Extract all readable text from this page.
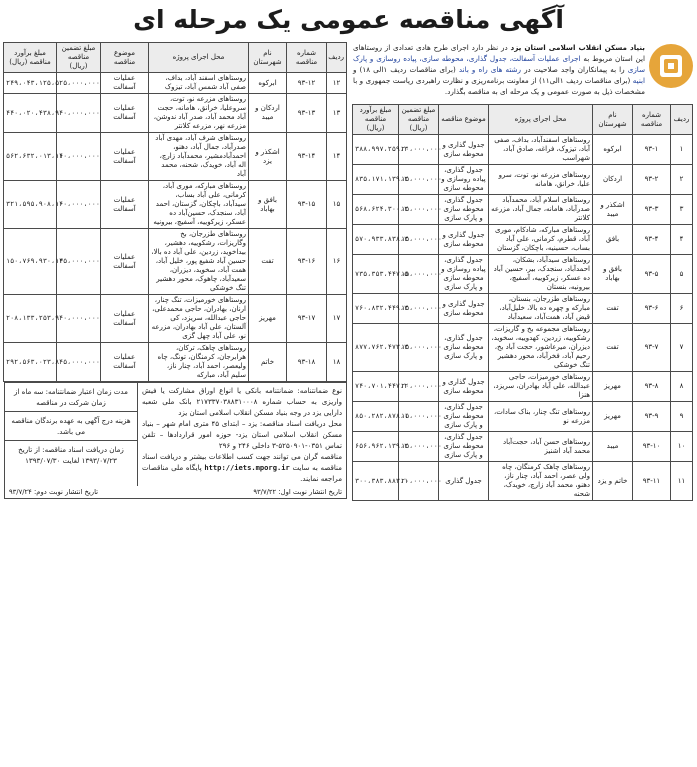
آگهی مناقصه عمومی یک مرحله ای
بنیاد مسکن انقلاب اسلامی استان یزد در نظر دارد اجرای طرح هادی تعدادی از روستاهای این استان مربوط به اجرای عملیات آسفالت، جدول گذاری، محوطه سازی، پیاده روسازی و پارک سازی را به پیمانکاران واجد صلاحیت در رشته های راه و باند (برای مناقصات ردیف ۱الی ۱۸) و ابنیه (برای مناقصات ردیف ۱الی۱۱) از معاونت برنامه‌ریزی و نظارت راهبردی ریاست جمهوری و با مشخصات ذیل به صورت عمومی و یک مرحله ای به مناقصه بگذارد.
ردیف	شماره مناقصه	نام شهرستان	محل اجرای پروژه	موضوع مناقصه	مبلغ تضمین مناقصه (ریال)	مبلغ برآورد مناقصه (ریال)
۱	۹۳-۱	ابرکوه	روستاهای اسفندآباد، بداف، صفی آباد، تیزوک، فراغه، صادق آباد، شهراسب	جدول گذاری و محوطه سازی	۲۰،۰۰۰،۰۰۰	۳۸۸،۹۹۷،۲۵۹،۳
۲	۹۳-۲	اردکان	روستاهای مزرعه نو، توت، سرو علیا، خرانق، هامانه	جدول گذاری، پیاده روسازی و محوطه سازی	۱۵،۰۰۰،۰۰۰	۸۳۵،۱۷۱،۱۳۹،۲
۳	۹۳-۳	اشکذر و میبد	روستاهای اسلام آباد، محمدآباد صدرآباد، هامانه، جمال آباد، مزرعه کلانتر	جدول گذاری، محوطه سازی و پارک سازی	۱۵،۰۰۰،۰۰۰	۵۶۸،۶۲۴،۳۰۰،۲
۴	۹۳-۴	بافق	روستاهای مبارکه، شادکام، موری آباد، قطرم، کرمانی، علی آباد بساب، حسینیه، باچکان، گزستان	جدول گذاری و محوطه سازی	۱۵،۰۰۰،۰۰۰	۵۷۰،۹۳۳،۸۳۸،۳
۵	۹۳-۵	بافق و بهاباد	روستاهای سیدآباد، بشکان، احمدآباد، سنجدک، بیر، حسین آباد ده عسکر، زیرکوییه، آسفیچ، بیرونیه، بنستان	جدول گذاری، پیاده روسازی و محوطه سازی و پارک سازی	۱۵،۰۰۰،۰۰۰	۷۳۵،۳۵۳،۴۴۷،۵
۶	۹۳-۶	تفت	روستاهای طزرجان، بنستان، مبارکه و چهره ده بالا، خلیل‌آباد، قیض آباد، همت‌آباد، سعیدآباد	جدول گذاری و محوطه سازی	۱۵،۰۰۰،۰۰۰	۷۶۰،۸۳۲،۴۴۹،۳
۷	۹۳-۷	تفت	روستاهای مجموعه بخ و گاریزات، رشکوییه، زردین، کهدوییه، سخوید، دیزران، میرعاشور، حجت آباد بخ، رحیم آباد، فخرآباد، محور دهشیر تنگ خوشکی	جدول گذاری، محوطه سازی و پارک سازی	۱۵،۰۰۰،۰۰۰	۸۷۷،۷۶۲،۴۷۳،۳
۸	۹۳-۸	مهریز	روستاهای خورمیزات، حاجی عبدالله، علی آباد بهادران، سریزد، هنزا	جدول گذاری و محوطه سازی	۲۰،۰۰۰،۰۰۰	۷۴۰،۷۰۱،۴۴۷،۲
۹	۹۳-۹	مهریز	روستاهای تنگ چنار، بناک سادات، مزرعه نو	جدول گذاری، محوطه سازی و پارک سازی	۱۵،۰۰۰،۰۰۰	۸۵۰،۲۸۲،۸۷۸،۱
۱۰	۹۳-۱۰	میبد	روستاهای حسن آباد، حجت‌آباد محمد آباد اشنیز	جدول گذاری، محوطه سازی و پارک سازی	۱۵،۰۰۰،۰۰۰	۶۵۶،۹۶۲،۱۳۹،۲
۱۱	۹۳-۱۱	خاتم و یزد	روستاهای چاهک کرمنگان، چاه ولی عصر، احمد آباد، چنار ناز، دهنو، محمد آباد زارچ، خویدک، شحنه	جدول گذاری	۲۰،۰۰۰،۰۰۰	۳۰۰،۳۸۳،۸۸۳،۱
ردیف	شماره مناقصه	نام شهرستان	محل اجرای پروژه	موضوع مناقصه	مبلغ تضمین مناقصه (ریال)	مبلغ برآورد مناقصه (ریال)
۱۲	۹۳-۱۲	ابرکوه	روستاهای اسفند آباد، بداف، صفی آباد شمس آباد، تیزوک	عملیات آسفالت	۲۵،۰۰۰،۰۰۰	۲۴۹،۰۴۳،۱۲۵،۵
۱۳	۹۳-۱۳	اردکان و میبد	روستاهای مزرعه نو، توت، سروعلیا، خرانق، هامانه، حجت آباد محمد آباد، صدر آباد ندوشن، مزرعه نهر، مزرعه کلانتر	عملیات آسفالت	۴۰،۰۰۰،۰۰۰	۴۴۰،۰۲۰،۴۳۸،۹
۱۴	۹۳-۱۴	اشکذر و یزد	روستاهای شرف آباد، مهدی آباد صدرآباد، جمال آباد، دهنو، احمدآبادمشیر، محمدآباد زارچ، اله آباد، خویدک، شحنه، محمد آباد	عملیات آسفالت	۴۰،۰۰۰،۰۰۰	۵۶۲،۶۳۲،۰۱۳،۱۱
۱۵	۹۳-۱۵	بافق و بهاباد	روستاهای مبارکه، موری آباد، کرمانی، علی آباد بساب، سیدآباد، باچکان، گزستان، احمد آباد، سنجدک، حسین‌آباد ده عسکر، زیرکوییه، آسفیچ، بیرونیه	عملیات آسفالت	۴۰،۰۰۰،۰۰۰	۳۲۱،۵۹۵،۹۰۸،۱۰
۱۶	۹۳-۱۶	تفت	روستاهای طزرجان، بخ وگاریزات، رشکوییه، دهشیر، بیداخوید، زردین، علی آباد ده بالا، حسین آباد شفیع پور، خلیل آباد، همت آباد، سخوید، دیزران، سعیدآباد، چاهوک، محور دهشیر تنگ خوشکی	عملیات آسفالت	۴۵،۰۰۰،۰۰۰	۱۵۰،۷۶۹،۹۳۰،۱۲
۱۷	۹۳-۱۷	مهریز	روستاهای خورمیزات، تنگ چنار، ارنان، بهادران، حاجی محمدعلی، حاجی عبدالله، سریزد، کی آلستان، علی آباد بهادران، مزرعه نو، علی آباد چهل گزی	عملیات آسفالت	۴۰،۰۰۰،۰۰۰	۲۰۸،۱۳۳،۲۵۳،۹
۱۸	۹۳-۱۸	خاتم	روستاهای چاهک، ترکان، هرابرجان، کرمنگان، تونگ، چاه ولیعصر، احمد آباد، چنار ناز، سلیم آباد، مبارکه	عملیات آسفالت	۴۵،۰۰۰،۰۰۰	۲۹۲،۵۶۳،۰۲۳،۸
نوع ضمانتنامه: ضمانتنامه بانکی یا انواع اوراق مشارکت یا فیش واریزی به حساب شماره ۲۱۷۳۳۷۰۳۸۸۳۱۰۰۰۸ بانک ملی شعبه دارایی یزد در وجه بنیاد مسکن انقلاب اسلامی استان یزد
محل دریافت اسناد مناقصه: یزد – ابتدای ۴۵ متری امام شهر – بنیاد مسکن انقلاب اسلامی استان یزد- حوزه امور قراردادها – تلفن تماس ۰۳۵۱-۵۲۵۰۹۰۱-۳ داخلی ۲۴۶ و ۲۹۶
مناقصه گران می توانند جهت کسب اطلاعات بیشتر و دریافت اسناد مناقصه به سایت http://iets.mporg.ir پایگاه ملی مناقصات مراجعه نمایند.
مدت زمان اعتبار ضمانتنامه: سه ماه از زمان شرکت در مناقصه
هزینه درج آگهی به عهده برندگان مناقصه می باشد.
زمان دریافت اسناد مناقصه: از تاریخ ۱۳۹۳/۰۷/۲۳ لغایت ۱۳۹۳/۰۷/۳۰
تاریخ انتشار نوبت اول: ۹۳/۷/۲۲
تاریخ انتشار نوبت دوم: ۹۳/۷/۲۴
